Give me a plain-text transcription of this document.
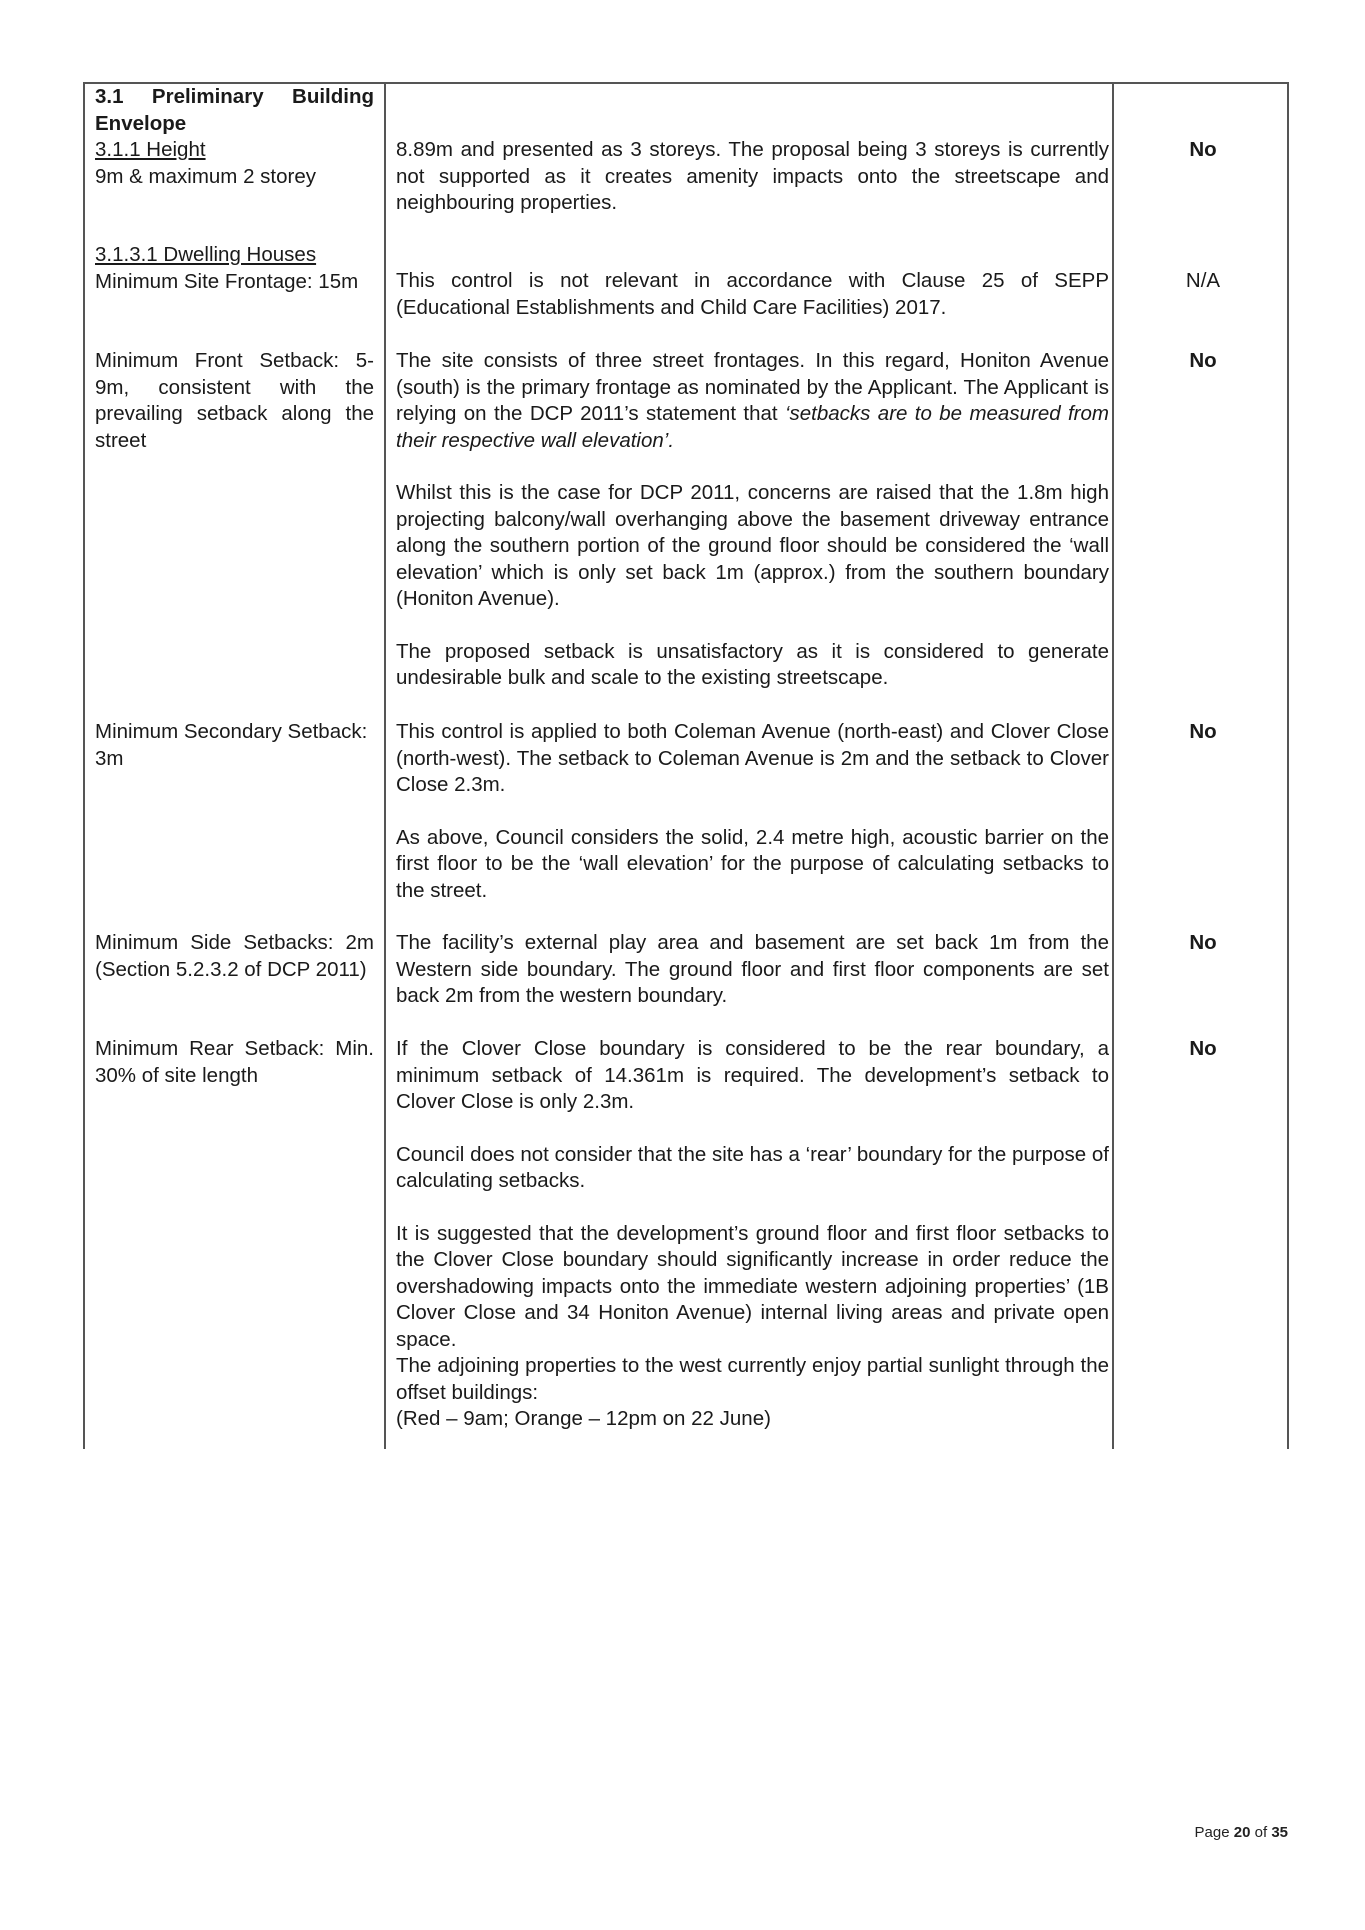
3.1 Preliminary Building
Envelope

3.1.1 Height

9m & maximum 2 storey

8.89m and presented as 3 storeys. The proposal being 3 storeys is currently not supported as it creates amenity impacts onto the streetscape and neighbouring properties.

No

3.1.3.1 Dwelling Houses

Minimum Site Frontage: 15m	This control is not relevant in accordance with Clause 25 of SEPP (Educational Establishments and Child Care Facilities) 2017.

N/A

Minimum Front Setback: 5-9m, consistent with the prevailing setback along the street

The site consists of three street frontages. In this regard, Honiton Avenue (south) is the primary frontage as nominated by the Applicant. The Applicant is relying on the DCP 2011’s statement that ‘setbacks are to be measured from their respective wall elevation’.

Whilst this is the case for DCP 2011, concerns are raised that the 1.8m high projecting balcony/wall overhanging above the basement driveway entrance along the southern portion of the ground floor should be considered the ‘wall elevation’ which is only set back 1m (approx.) from the southern boundary (Honiton Avenue).

The proposed setback is unsatisfactory as it is considered to generate undesirable bulk and scale to the existing streetscape.

No

Minimum Secondary Setback: 3m

This control is applied to both Coleman Avenue (north-east) and Clover Close (north-west). The setback to Coleman Avenue is 2m and the setback to Clover Close 2.3m.

As above, Council considers the solid, 2.4 metre high, acoustic barrier on the first floor to be the ‘wall elevation’ for the purpose of calculating setbacks to the street.

No

Minimum Side Setbacks: 2m (Section 5.2.3.2 of DCP 2011)

The facility’s external play area and basement are set back 1m from the Western side boundary. The ground floor and first floor components are set back 2m from the western boundary.

No

Minimum Rear Setback: Min. 30% of site length

If the Clover Close boundary is considered to be the rear boundary, a minimum setback of 14.361m is required. The development’s setback to Clover Close is only 2.3m.

Council does not consider that the site has a ‘rear’ boundary for the purpose of calculating setbacks.

It is suggested that the development’s ground floor and first floor setbacks to the Clover Close boundary should significantly increase in order reduce the overshadowing impacts onto the immediate western adjoining properties’ (1B Clover Close and 34 Honiton Avenue) internal living areas and private open space.

The adjoining properties to the west currently enjoy partial sunlight through the offset buildings:

(Red – 9am; Orange – 12pm on 22 June)

No

Page 20 of 35
